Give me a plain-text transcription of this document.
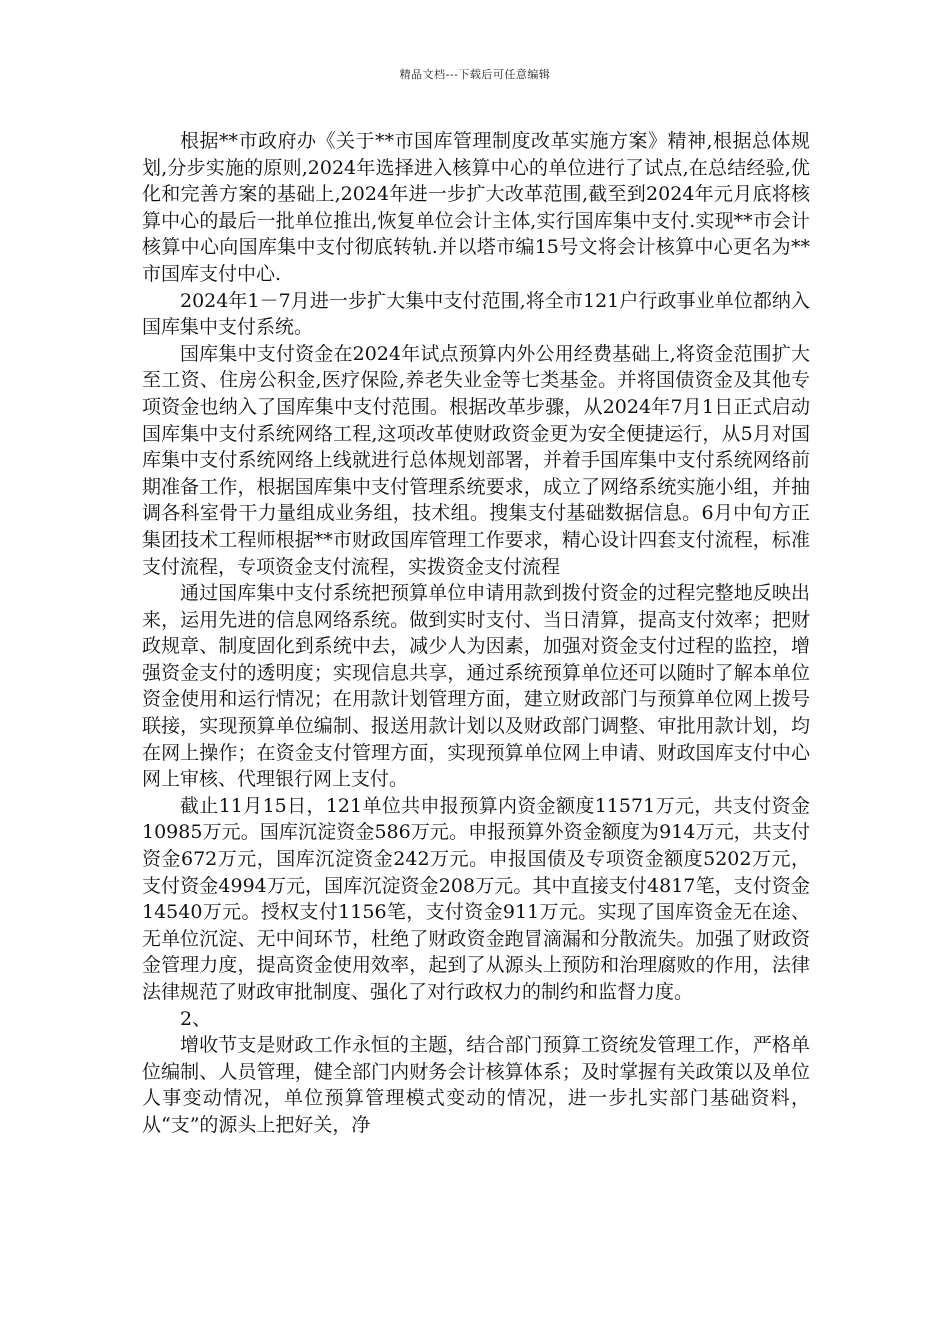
精品文档---下载后可任意编辑

根据**市政府办《关于**市国库管理制度改革实施方案》精神,根据总体规划,分步实施的原则,2024年选择进入核算中心的单位进行了试点,在总结经验,优化和完善方案的基础上,2024年进一步扩大改革范围,截至到2024年元月底将核算中心的最后一批单位推出,恢复单位会计主体,实行国库集中支付.实现**市会计核算中心向国库集中支付彻底转轨.并以塔市编15号文将会计核算中心更名为**市国库支付中心.

2024年1－7月进一步扩大集中支付范围,将全市121户行政事业单位都纳入国库集中支付系统。

国库集中支付资金在2024年试点预算内外公用经费基础上,将资金范围扩大至工资、住房公积金,医疗保险,养老失业金等七类基金。并将国债资金及其他专项资金也纳入了国库集中支付范围。根据改革步骤，从2024年7月1日正式启动国库集中支付系统网络工程,这项改革使财政资金更为安全便捷运行，从5月对国库集中支付系统网络上线就进行总体规划部署，并着手国库集中支付系统网络前期准备工作，根据国库集中支付管理系统要求，成立了网络系统实施小组，并抽调各科室骨干力量组成业务组，技术组。搜集支付基础数据信息。6月中旬方正集团技术工程师根据**市财政国库管理工作要求，精心设计四套支付流程，标准支付流程，专项资金支付流程，实拨资金支付流程

通过国库集中支付系统把预算单位申请用款到拨付资金的过程完整地反映出来，运用先进的信息网络系统。做到实时支付、当日清算，提高支付效率；把财政规章、制度固化到系统中去，减少人为因素，加强对资金支付过程的监控，增强资金支付的透明度；实现信息共享，通过系统预算单位还可以随时了解本单位资金使用和运行情况；在用款计划管理方面，建立财政部门与预算单位网上拨号联接，实现预算单位编制、报送用款计划以及财政部门调整、审批用款计划，均在网上操作；在资金支付管理方面，实现预算单位网上申请、财政国库支付中心网上审核、代理银行网上支付。

截止11月15日，121单位共申报预算内资金额度11571万元，共支付资金10985万元。国库沉淀资金586万元。申报预算外资金额度为914万元，共支付资金672万元，国库沉淀资金242万元。申报国债及专项资金额度5202万元，支付资金4994万元，国库沉淀资金208万元。其中直接支付4817笔，支付资金14540万元。授权支付1156笔，支付资金911万元。实现了国库资金无在途、无单位沉淀、无中间环节，杜绝了财政资金跑冒滴漏和分散流失。加强了财政资金管理力度，提高资金使用效率，起到了从源头上预防和治理腐败的作用，法律法律规范了财政审批制度、强化了对行政权力的制约和监督力度。

2、

增收节支是财政工作永恒的主题，结合部门预算工资统发管理工作，严格单位编制、人员管理，健全部门内财务会计核算体系；及时掌握有关政策以及单位人事变动情况，单位预算管理模式变动的情况，进一步扎实部门基础资料，从“支”的源头上把好关，净
